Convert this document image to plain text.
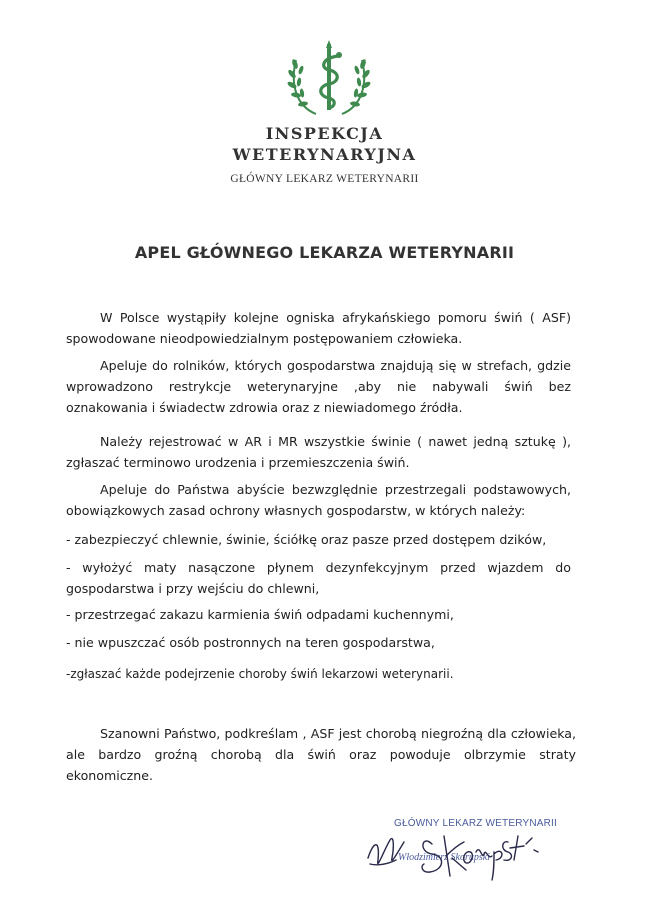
INSPEKCJA
WETERYNARYJNA
GŁÓWNY LEKARZ WETERYNARII
APEL GŁÓWNEGO LEKARZA WETERYNARII
W Polsce wystąpiły kolejne ogniska afrykańskiego pomoru świń ( ASF) spowodowane nieodpowiedzialnym postępowaniem człowieka.
Apeluje do rolników, których gospodarstwa znajdują się w strefach, gdzie wprowadzono restrykcje weterynaryjne ,aby nie nabywali świń bez oznakowania i świadectw zdrowia oraz z niewiadomego źródła.
Należy rejestrować w AR i MR wszystkie świnie ( nawet jedną sztukę ), zgłaszać terminowo urodzenia i przemieszczenia świń.
Apeluje do Państwa abyście bezwzględnie przestrzegali podstawowych, obowiązkowych zasad ochrony własnych gospodarstw, w których należy:
- zabezpieczyć chlewnie, świnie, ściółkę oraz pasze przed dostępem dzików,
- wyłożyć maty nasączone płynem dezynfekcyjnym przed wjazdem do gospodarstwa i przy wejściu do chlewni,
- przestrzegać zakazu karmienia świń odpadami kuchennymi,
- nie wpuszczać osób postronnych na teren gospodarstwa,
-zgłaszać każde podejrzenie choroby świń lekarzowi weterynarii.
Szanowni Państwo, podkreślam , ASF jest chorobą niegroźną dla człowieka, ale bardzo groźną chorobą dla świń oraz powoduje olbrzymie straty ekonomiczne.
GŁÓWNY LEKARZ WETERYNARII
Włodzimierz Skorupski
